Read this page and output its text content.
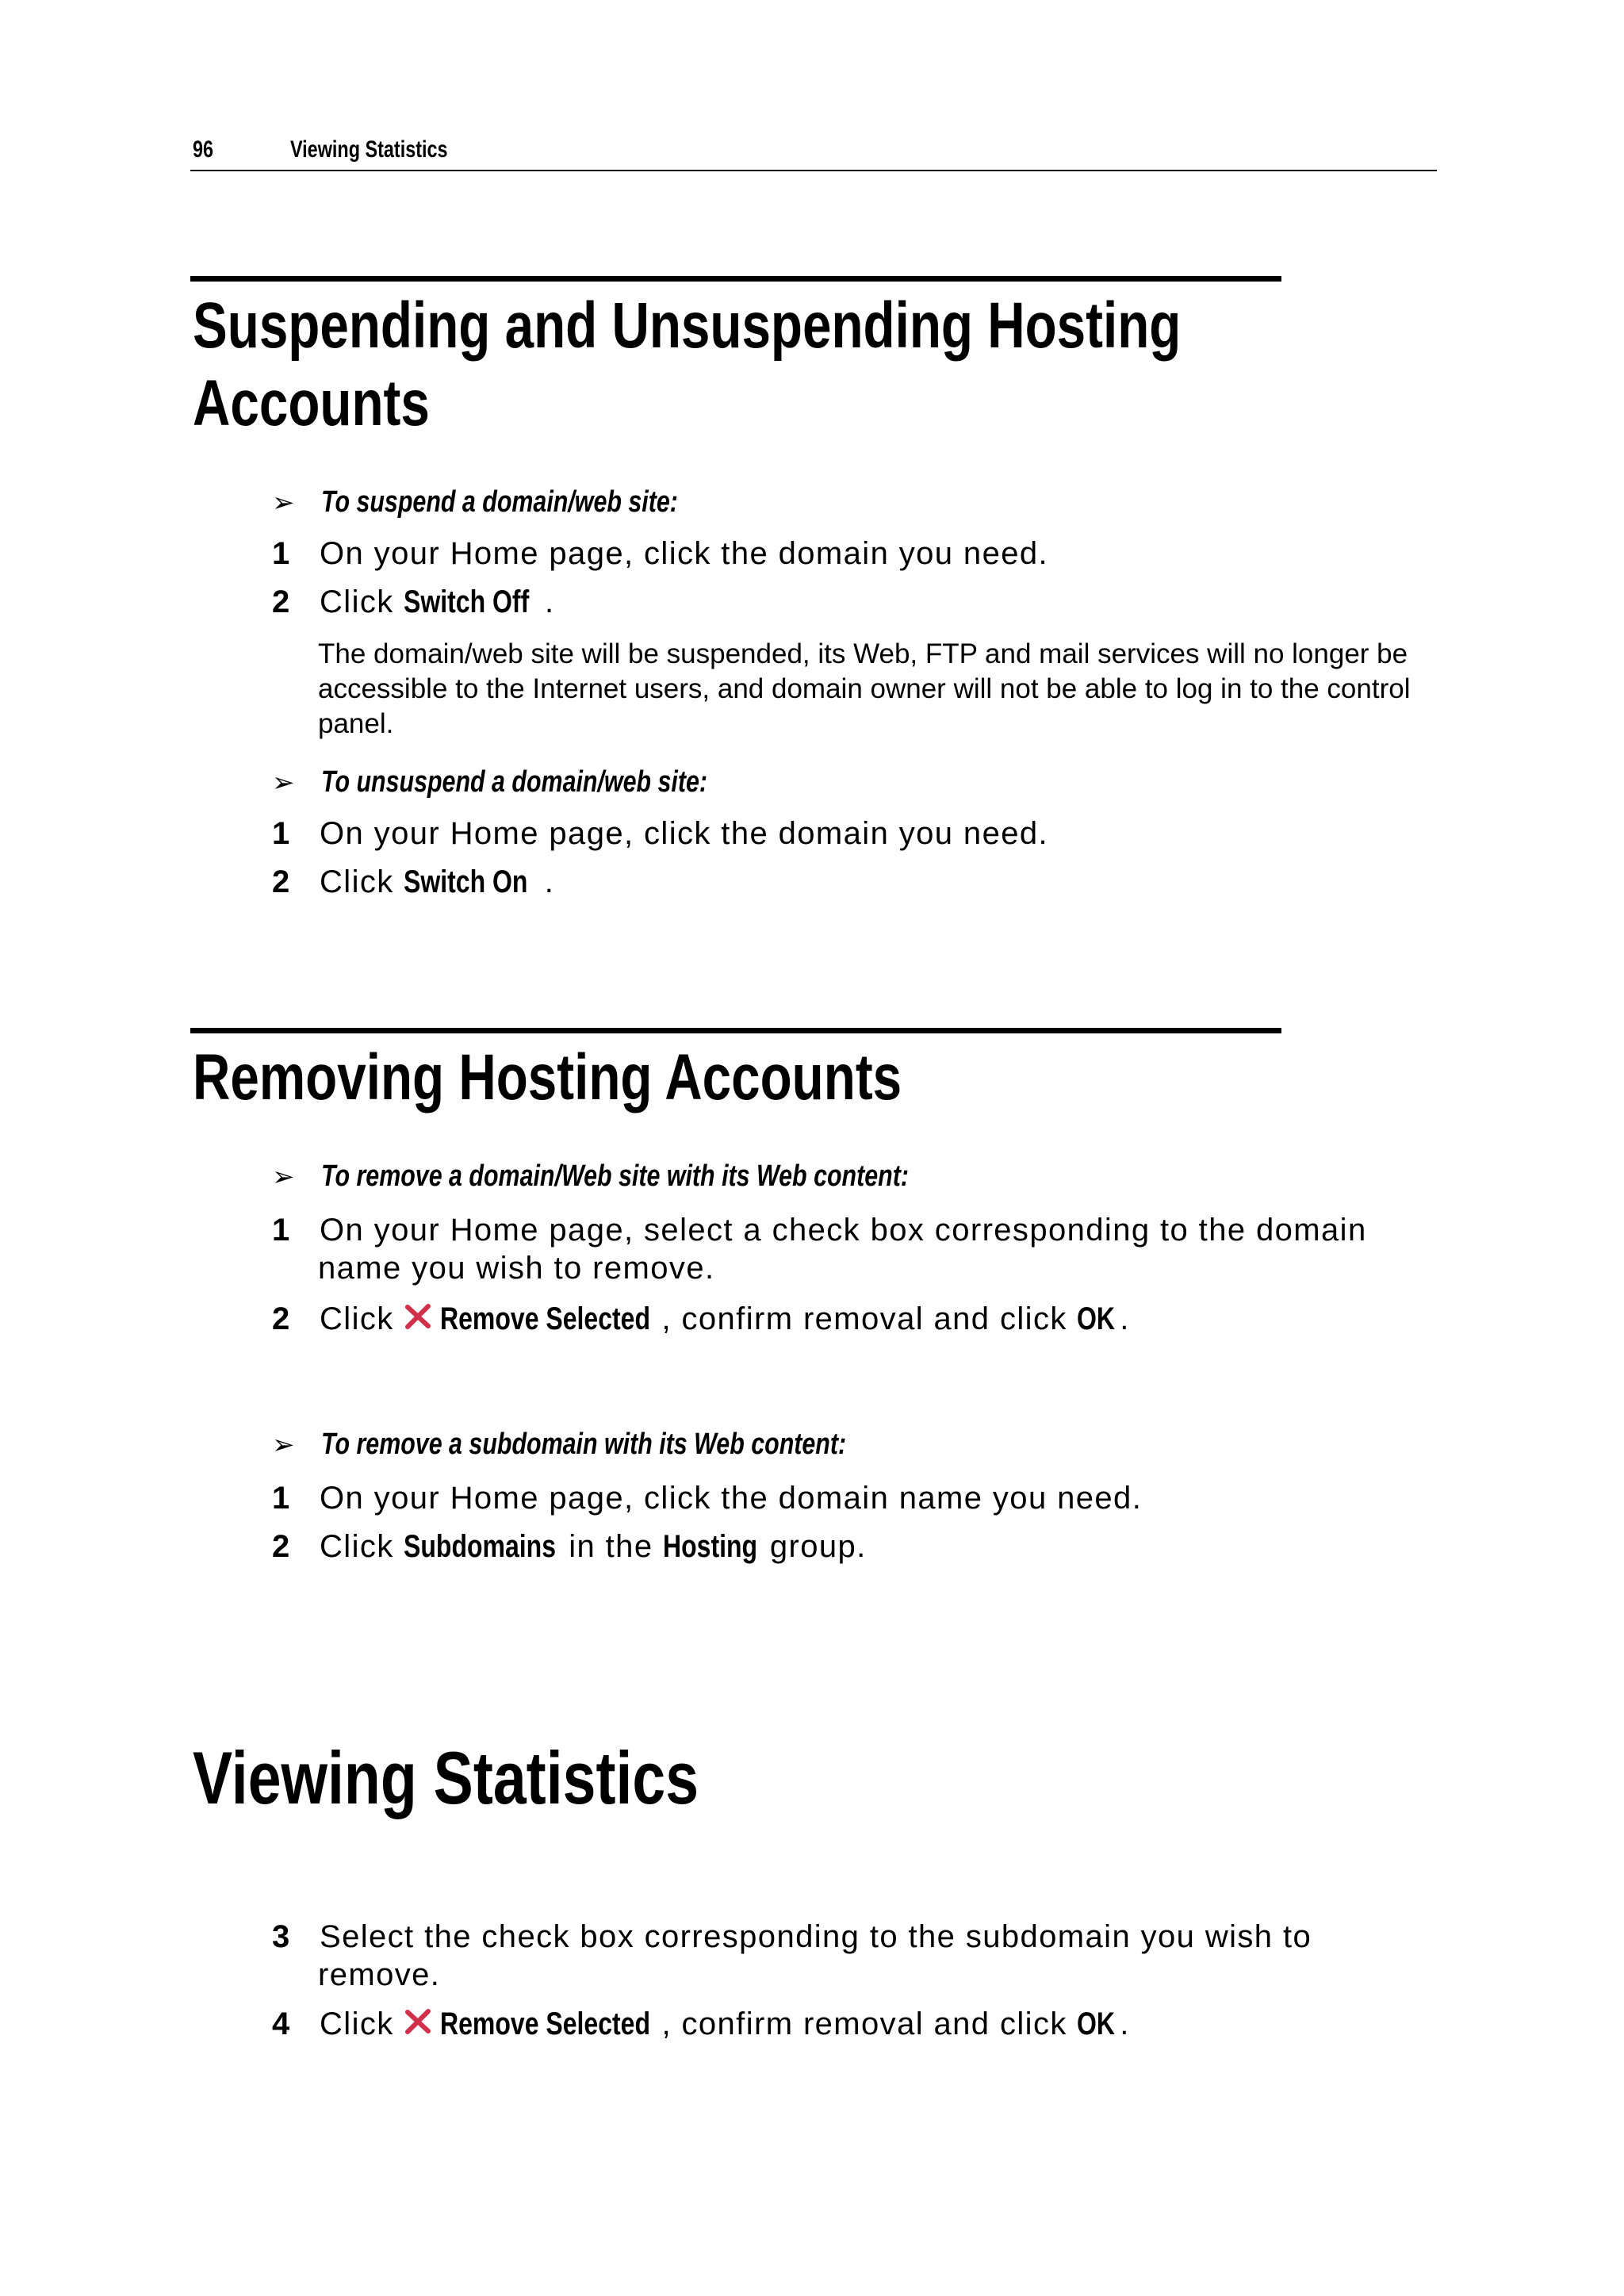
96	Viewing Statistics
Suspending and Unsuspending Hosting
Accounts
➢ To suspend a domain/web site:
1 On your Home page, click the domain you need.
2 Click Switch Off .
The domain/web site will be suspended, its Web, FTP and mail services will no longer be accessible to the Internet users, and domain owner will not be able to log in to the control panel.
➢ To unsuspend a domain/web site:
1 On your Home page, click the domain you need.
2 Click Switch On .
Removing Hosting Accounts
➢ To remove a domain/Web site with its Web content:
1 On your Home page, select a check box corresponding to the domain
name you wish to remove.
2 Click Remove Selected , confirm removal and click OK .
➢ To remove a subdomain with its Web content:
1 On your Home page, click the domain name you need.
2 Click Subdomains in the Hosting group.
Viewing Statistics
3 Select the check box corresponding to the subdomain you wish to
remove.
4 Click Remove Selected , confirm removal and click OK .
